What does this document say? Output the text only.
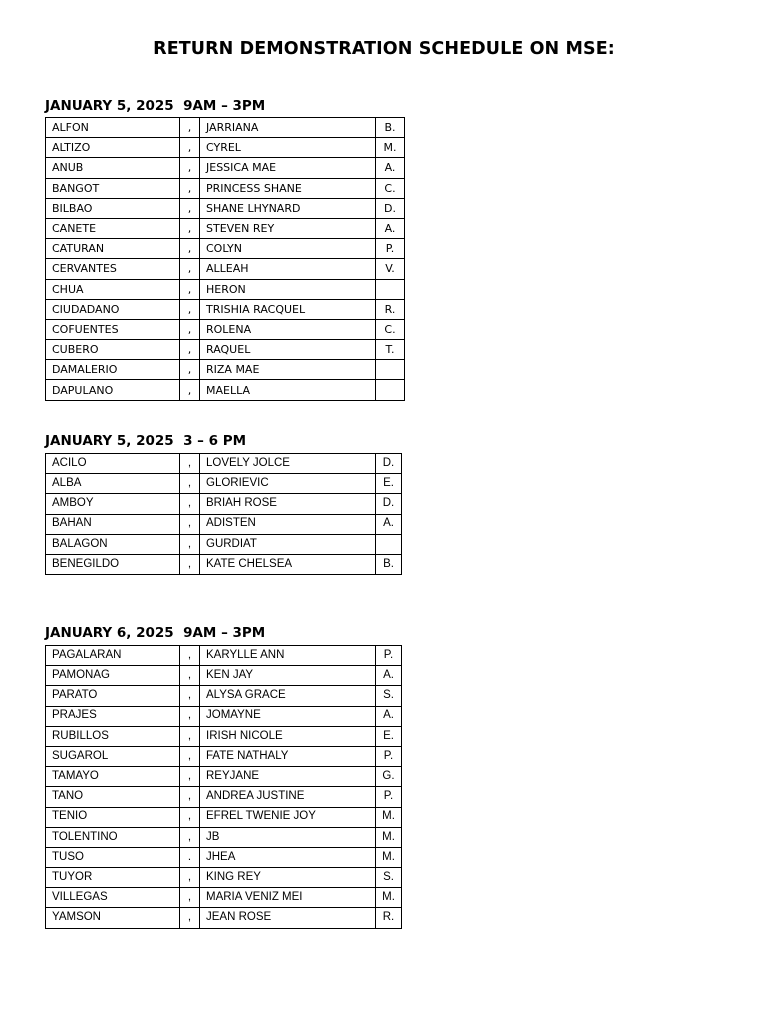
RETURN DEMONSTRATION SCHEDULE ON MSE:
JANUARY 5, 2025  9AM – 3PM
ALFON	,	JARRIANA	B.
ALTIZO	,	CYREL	M.
ANUB	,	JESSICA MAE	A.
BANGOT	,	PRINCESS SHANE	C.
BILBAO	,	SHANE LHYNARD	D.
CANETE	,	STEVEN REY	A.
CATURAN	,	COLYN	P.
CERVANTES	,	ALLEAH	V.
CHUA	,	HERON	
CIUDADANO	,	TRISHIA RACQUEL	R.
COFUENTES	,	ROLENA	C.
CUBERO	,	RAQUEL	T.
DAMALERIO	,	RIZA MAE	
DAPULANO	,	MAELLA	
JANUARY 5, 2025  3 – 6 PM
ACILO	,	LOVELY JOLCE	D.
ALBA	,	GLORIEVIC	E.
AMBOY	,	BRIAH ROSE	D.
BAHAN	,	ADISTEN	A.
BALAGON	,	GURDIAT	
BENEGILDO	,	KATE CHELSEA	B.
JANUARY 6, 2025  9AM – 3PM
PAGALARAN	,	KARYLLE ANN	P.
PAMONAG	,	KEN JAY	A.
PARATO	,	ALYSA GRACE	S.
PRAJES	,	JOMAYNE	A.
RUBILLOS	,	IRISH NICOLE	E.
SUGAROL	,	FATE NATHALY	P.
TAMAYO	,	REYJANE	G.
TANO	,	ANDREA JUSTINE	P.
TENIO	,	EFREL TWENIE JOY	M.
TOLENTINO	,	JB	M.
TUSO	.	JHEA	M.
TUYOR	,	KING REY	S.
VILLEGAS	,	MARIA VENIZ MEI	M.
YAMSON	,	JEAN ROSE	R.
